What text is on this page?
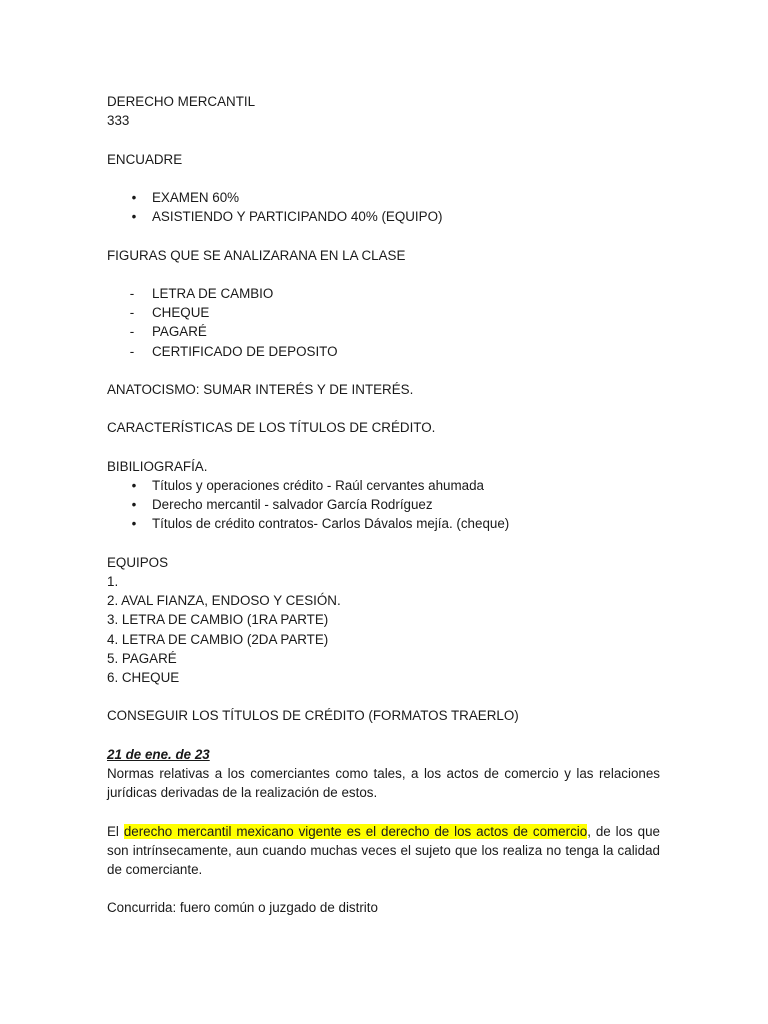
DERECHO MERCANTIL
333
ENCUADRE
• EXAMEN 60%
• ASISTIENDO Y PARTICIPANDO 40% (EQUIPO)
FIGURAS QUE SE ANALIZARANA EN LA CLASE
- LETRA DE CAMBIO
- CHEQUE
- PAGARÉ
- CERTIFICADO DE DEPOSITO
ANATOCISMO: SUMAR INTERÉS Y DE INTERÉS.
CARACTERÍSTICAS DE LOS TÍTULOS DE CRÉDITO.
BIBILIOGRAFÍA.
• Títulos y operaciones crédito - Raúl cervantes ahumada
• Derecho mercantil - salvador García Rodríguez
• Títulos de crédito contratos- Carlos Dávalos mejía. (cheque)
EQUIPOS
1.
2. AVAL FIANZA, ENDOSO Y CESIÓN.
3. LETRA DE CAMBIO (1RA PARTE)
4. LETRA DE CAMBIO (2DA PARTE)
5. PAGARÉ
6. CHEQUE
CONSEGUIR LOS TÍTULOS DE CRÉDITO (FORMATOS TRAERLO)
21 de ene. de 23
Normas relativas a los comerciantes como tales, a los actos de comercio y las relaciones jurídicas derivadas de la realización de estos.
El derecho mercantil mexicano vigente es el derecho de los actos de comercio, de los que son intrínsecamente, aun cuando muchas veces el sujeto que los realiza no tenga la calidad de comerciante.
Concurrida: fuero común o juzgado de distrito
